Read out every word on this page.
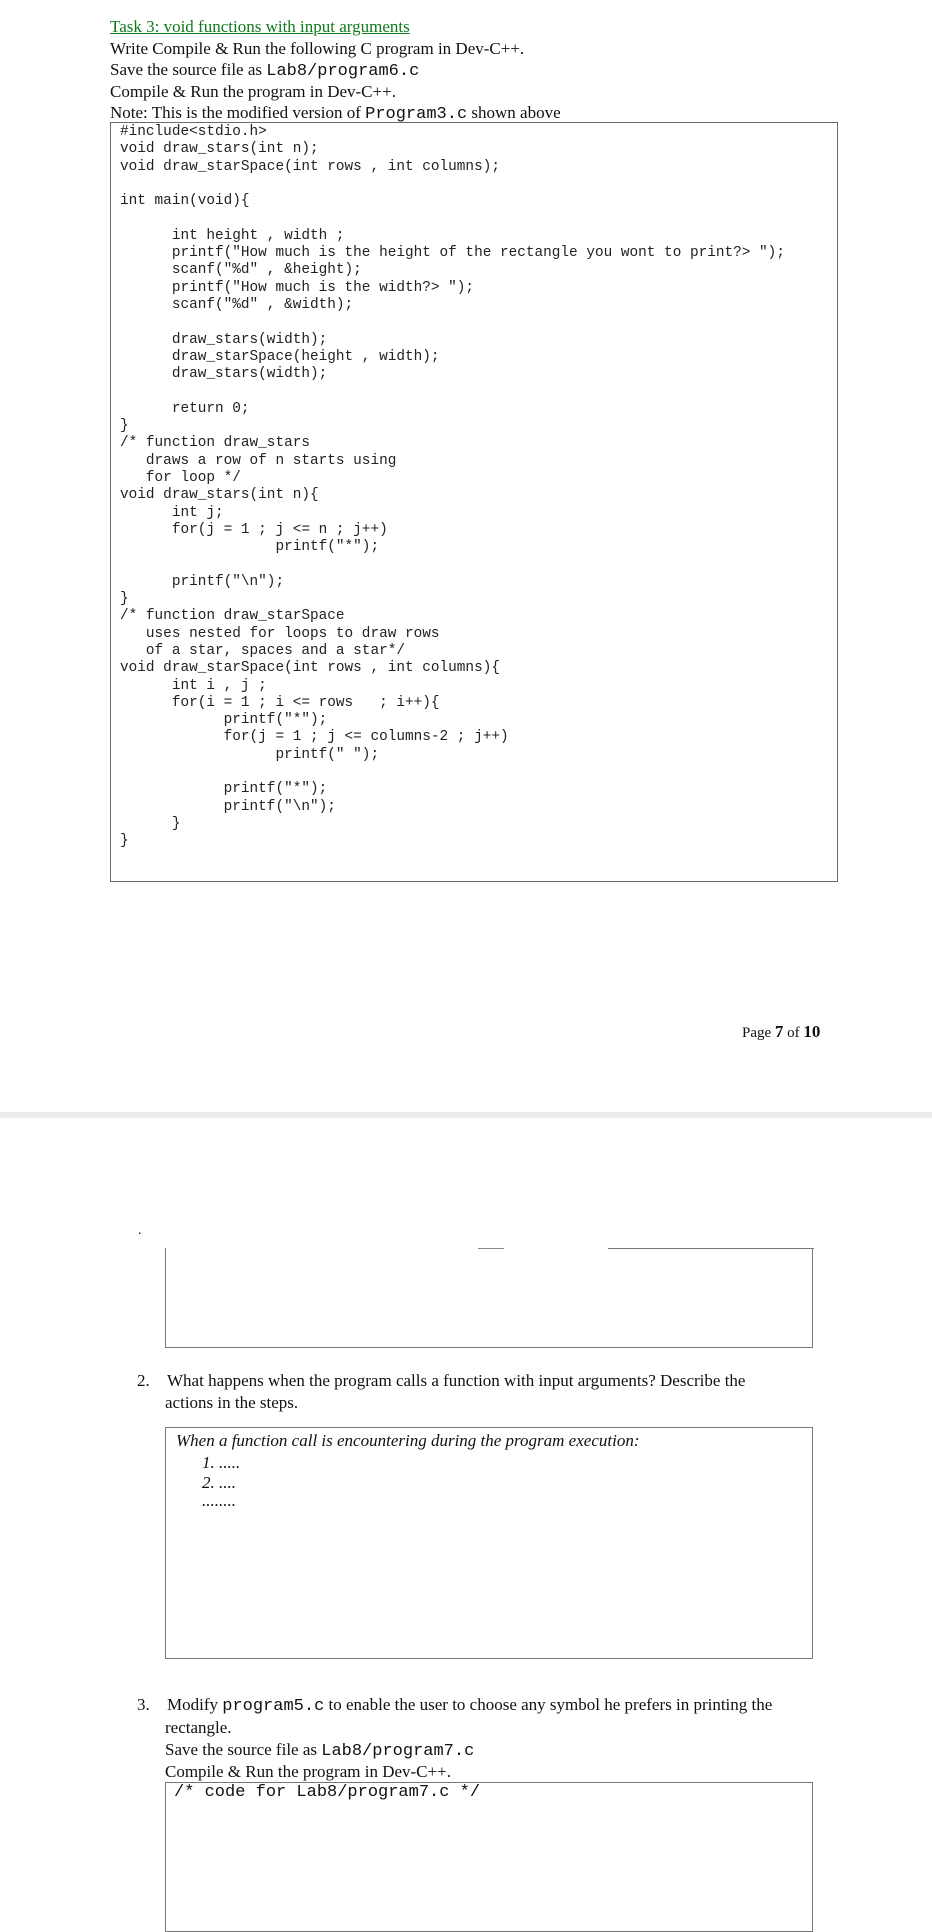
Task 3: void functions with input arguments
Write Compile & Run the following C program in Dev-C++.
Save the source file as Lab8/program6.c
Compile & Run the program in Dev-C++.
Note: This is the modified version of Program3.c shown above
#include<stdio.h>
void draw_stars(int n);
void draw_starSpace(int rows , int columns);

int main(void){

int height , width ;
printf("How much is the height of the rectangle you wont to print?> ");
scanf("%d" , &height);
printf("How much is the width?> ");
scanf("%d" , &width);

draw_stars(width);
draw_starSpace(height , width);
draw_stars(width);

return 0;
}
/* function draw_stars
draws a row of n starts using
for loop */
void draw_stars(int n){
int j;
for(j = 1 ; j <= n ; j++)
printf("*");

printf("\n");
}
/* function draw_starSpace
uses nested for loops to draw rows
of a star, spaces and a star*/
void draw_starSpace(int rows , int columns){
int i , j ;
for(i = 1 ; i <= rows   ; i++){
printf("*");
for(j = 1 ; j <= columns-2 ; j++)
printf(" ");

printf("*");
printf("\n");
}
}
Page 7 of 10
.
2. What happens when the program calls a function with input arguments? Describe the
actions in the steps.
When a function call is encountering during the program execution:
1. .....
2. ....
........
3. Modify program5.c to enable the user to choose any symbol he prefers in printing the
rectangle.
Save the source file as Lab8/program7.c
Compile & Run the program in Dev-C++.
/* code for Lab8/program7.c */
